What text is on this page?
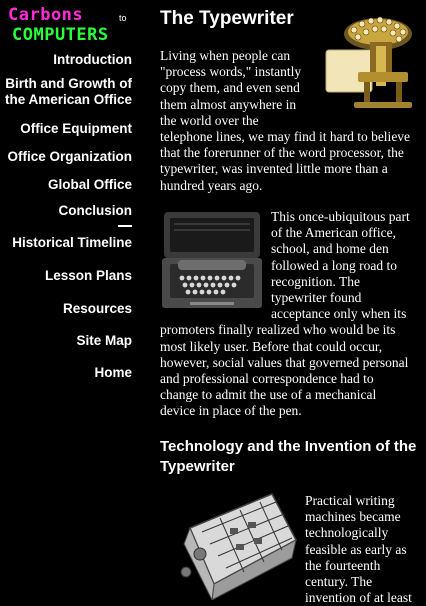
Carbons	to
COMPUTERS
Introduction
Birth and Growth of the American Office
Office Equipment
Office Organization
Global Office
Conclusion
Historical Timeline
Lesson Plans
Resources
Site Map
Home
The Typewriter
Living when people can
"process words," instantly
copy them, and even send
them almost anywhere in
the world over the
telephone lines, we may find it hard to believe
that the forerunner of the word processor, the
typewriter, was invented little more than a
hundred years ago.
This once-ubiquitous part
of the American office,
school, and home den
followed a long road to
recognition. The
typewriter found
acceptance only when its
promoters finally realized who would be its
most likely user. Before that could occur,
however, social values that governed personal
and professional correspondence had to
change to admit the use of a mechanical
device in place of the pen.
Technology and the Invention of the Typewriter
Practical writing
machines became
technologically
feasible as early as
the fourteenth
century. The
invention of at least
